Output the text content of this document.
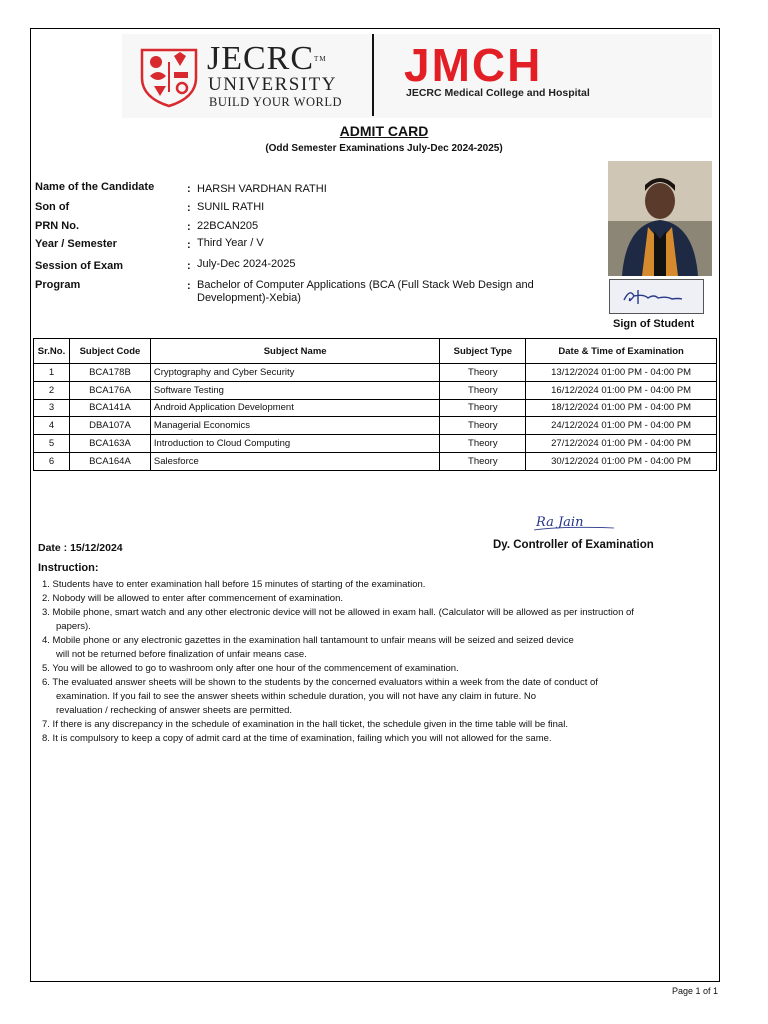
JECRC™
UNIVERSITY
BUILD YOUR WORLD
JMCH
JECRC Medical College and Hospital
ADMIT CARD
(Odd Semester Examinations July-Dec 2024-2025)
Name of the Candidate	: HARSH VARDHAN RATHI
Son of	: SUNIL RATHI
PRN No.	: 22BCAN205
Year / Semester	: Third Year / V
Session of Exam	: July-Dec 2024-2025
Program	: Bachelor of Computer Applications (BCA (Full Stack Web Design and
Development)-Xebia)
Sign of Student
Sr.No.	Subject Code	Subject Name	Subject Type	Date & Time of Examination
1	BCA178B	Cryptography and Cyber Security	Theory	13/12/2024 01:00 PM - 04:00 PM
2	BCA176A	Software Testing	Theory	16/12/2024 01:00 PM - 04:00 PM
3	BCA141A	Android Application Development	Theory	18/12/2024 01:00 PM - 04:00 PM
4	DBA107A	Managerial Economics	Theory	24/12/2024 01:00 PM - 04:00 PM
5	BCA163A	Introduction to Cloud Computing	Theory	27/12/2024 01:00 PM - 04:00 PM
6	BCA164A	Salesforce	Theory	30/12/2024 01:00 PM - 04:00 PM
Ra Jain
Dy. Controller of Examination
Date : 15/12/2024
Instruction:
1. Students have to enter examination hall before 15 minutes of starting of the examination.
2. Nobody will be allowed to enter after commencement of examination.
3. Mobile phone, smart watch and any other electronic device will not be allowed in exam hall. (Calculator will be allowed as per instruction of
papers).
4. Mobile phone or any electronic gazettes in the examination hall tantamount to unfair means will be seized and seized device
will not be returned before finalization of unfair means case.
5. You will be allowed to go to washroom only after one hour of the commencement of examination.
6. The evaluated answer sheets will be shown to the students by the concerned evaluators within a week from the date of conduct of
examination. If you fail to see the answer sheets within schedule duration, you will not have any claim in future. No
revaluation / rechecking of answer sheets are permitted.
7. If there is any discrepancy in the schedule of examination in the hall ticket, the schedule given in the time table will be final.
8. It is compulsory to keep a copy of admit card at the time of examination, failing which you will not allowed for the same.
Page 1 of 1
